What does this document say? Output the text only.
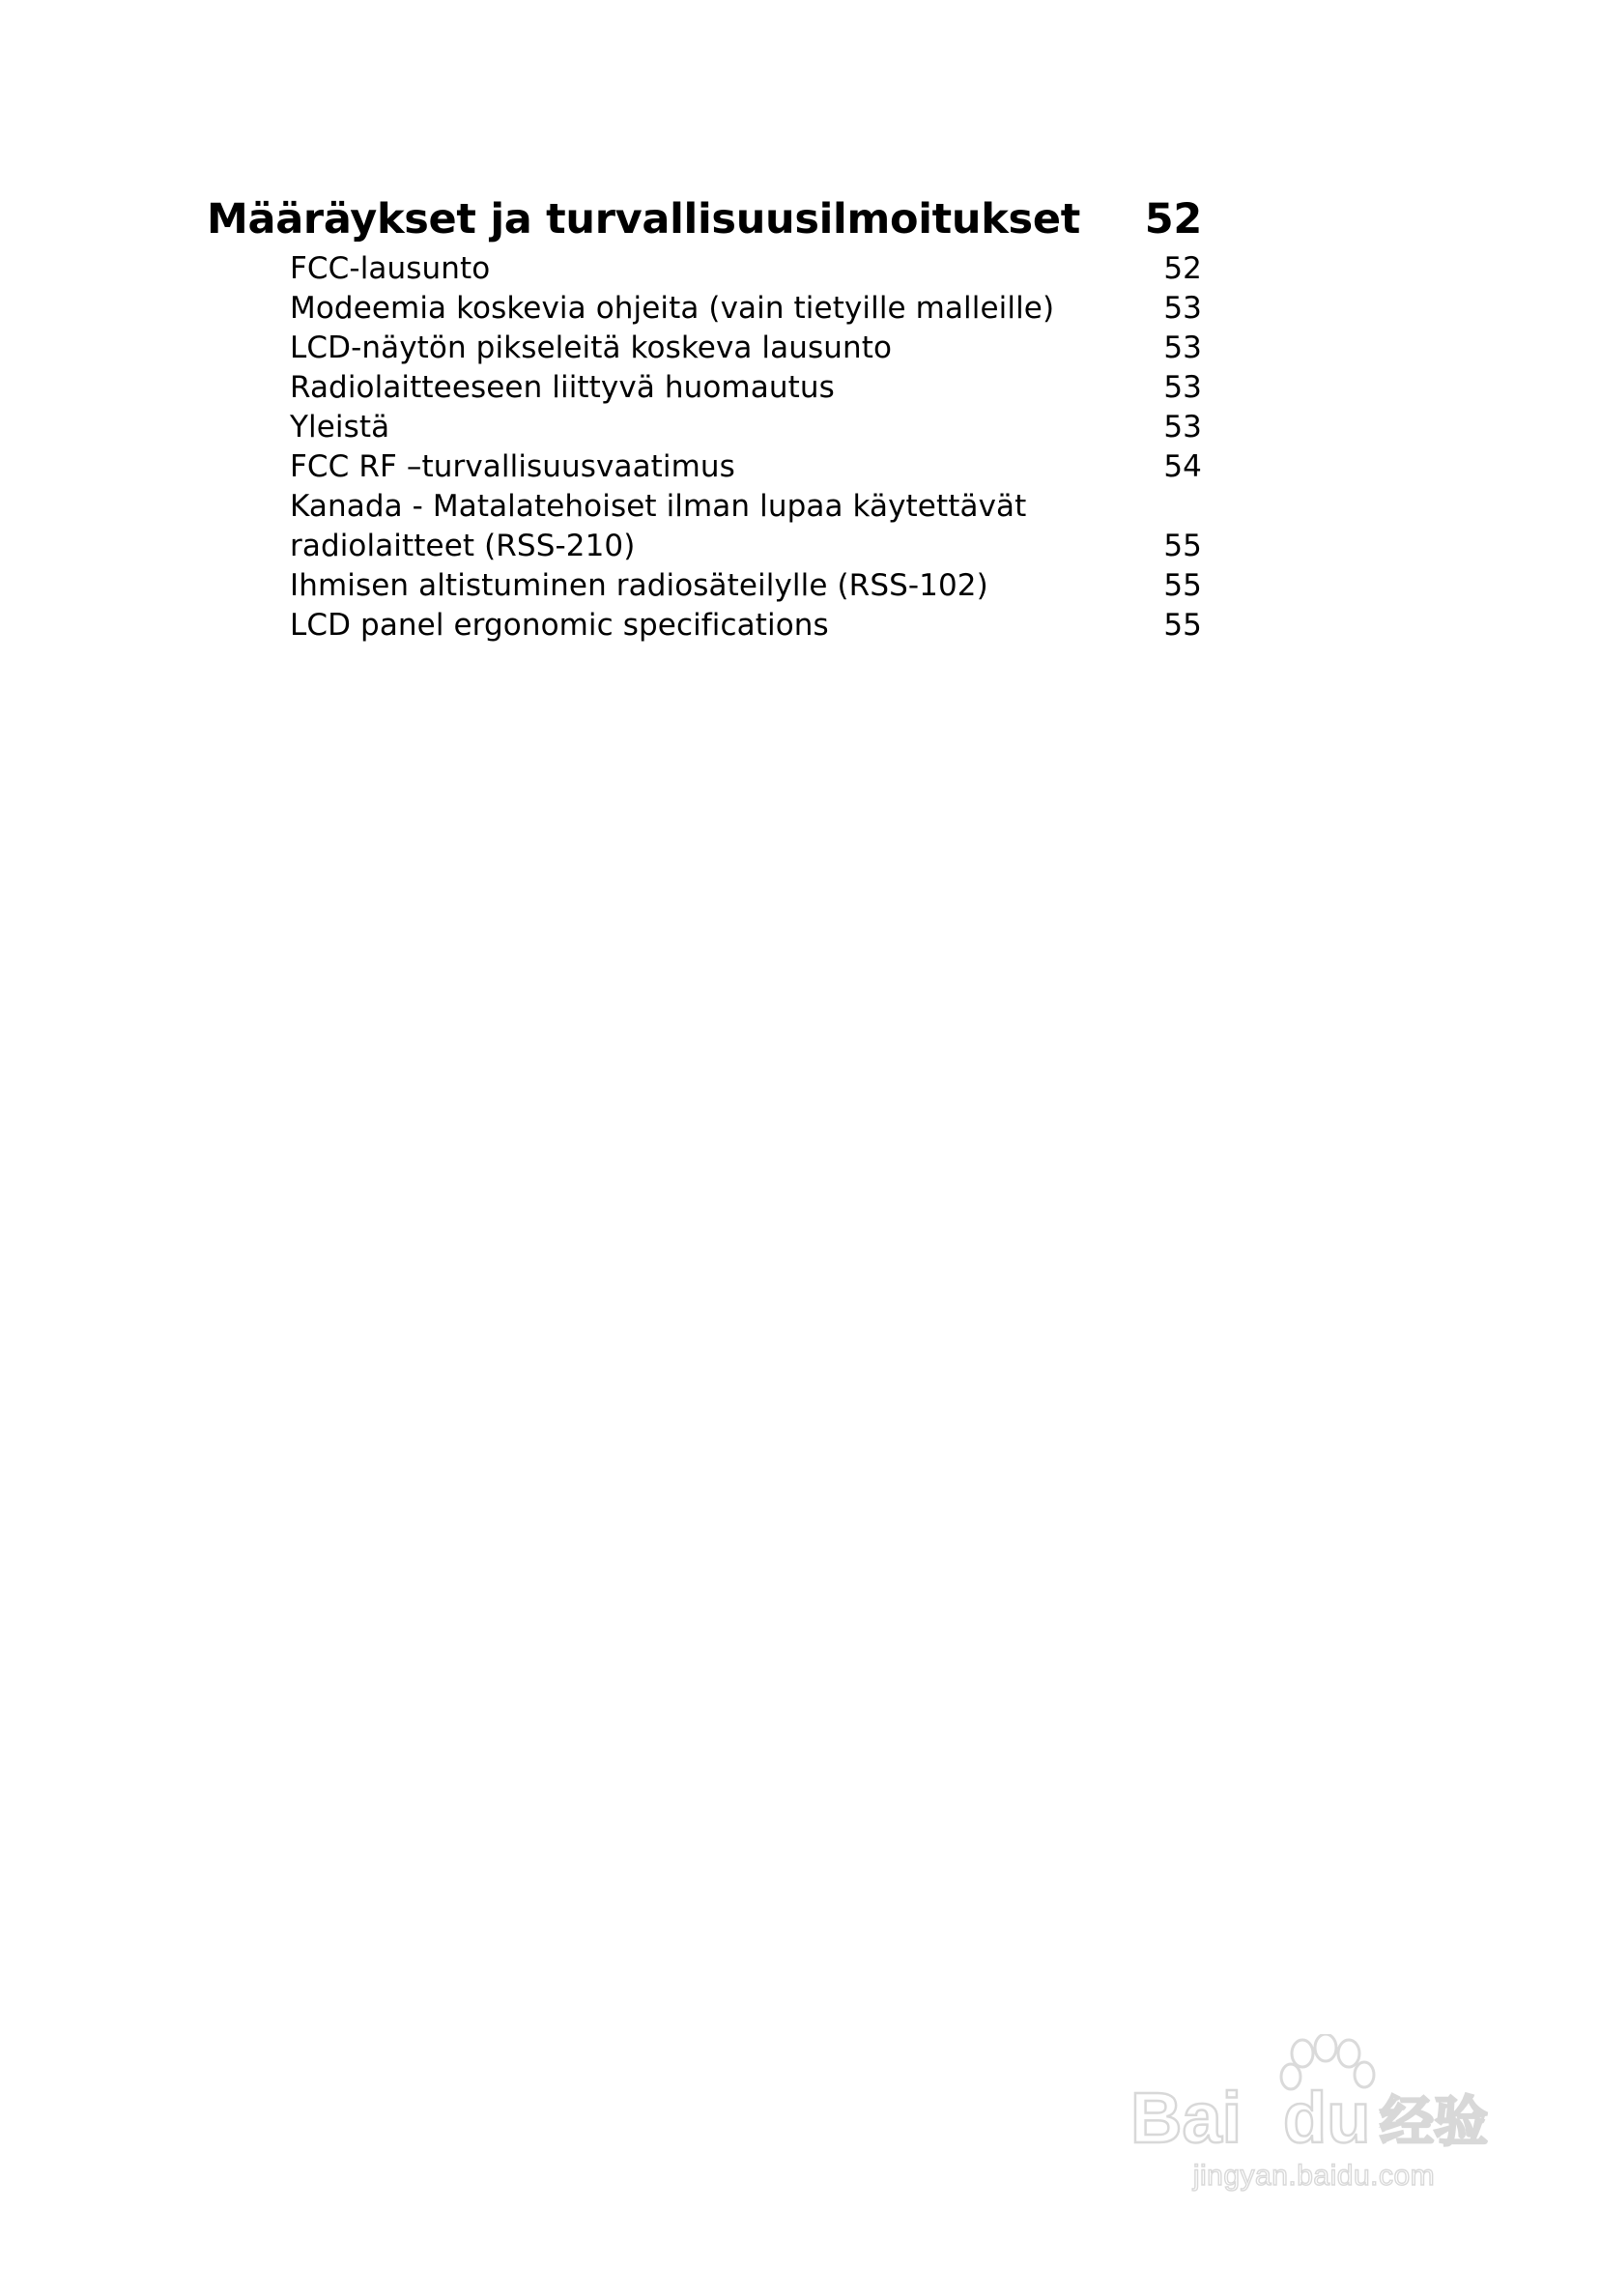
Määräykset ja turvallisuusilmoitukset 52
FCC-lausunto	52
Modeemia koskevia ohjeita (vain tietyille malleille)	53
LCD-näytön pikseleitä koskeva lausunto	53
Radiolaitteeseen liittyvä huomautus	53
Yleistä	53
FCC RF –turvallisuusvaatimus	54
Kanada - Matalatehoiset ilman lupaa käytettävät radiolaitteet (RSS-210)	55
Ihmisen altistuminen radiosäteilylle (RSS-102)	55
LCD panel ergonomic specifications	55
Bai du 经验
jingyan.baidu.com
